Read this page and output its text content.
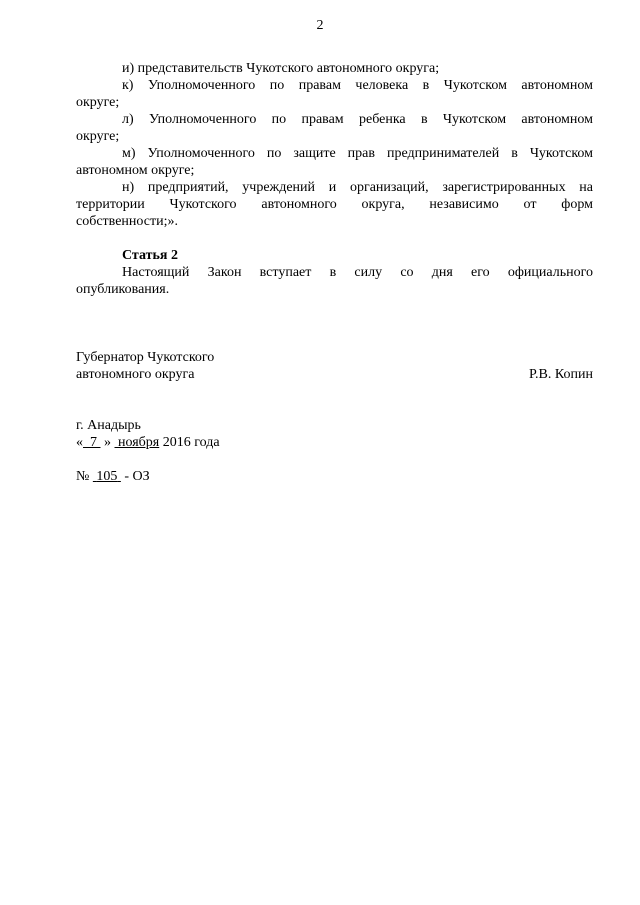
2

и) представительств Чукотского автономного округа;

к) Уполномоченного по правам человека в Чукотском автономном

округе;

л) Уполномоченного по правам ребенка в Чукотском автономном

округе;

м) Уполномоченного по защите прав предпринимателей в Чукотском

автономном округе;

н) предприятий, учреждений и организаций, зарегистрированных на

территории Чукотского автономного округа, независимо от форм

собственности;».

Статья 2

Настоящий Закон вступает в силу со дня его официального

опубликования.

Губернатор Чукотского
автономного округа	Р.В. Копин
г. Анадырь
« 7 » ноября 2016 года
№ 105 - ОЗ
